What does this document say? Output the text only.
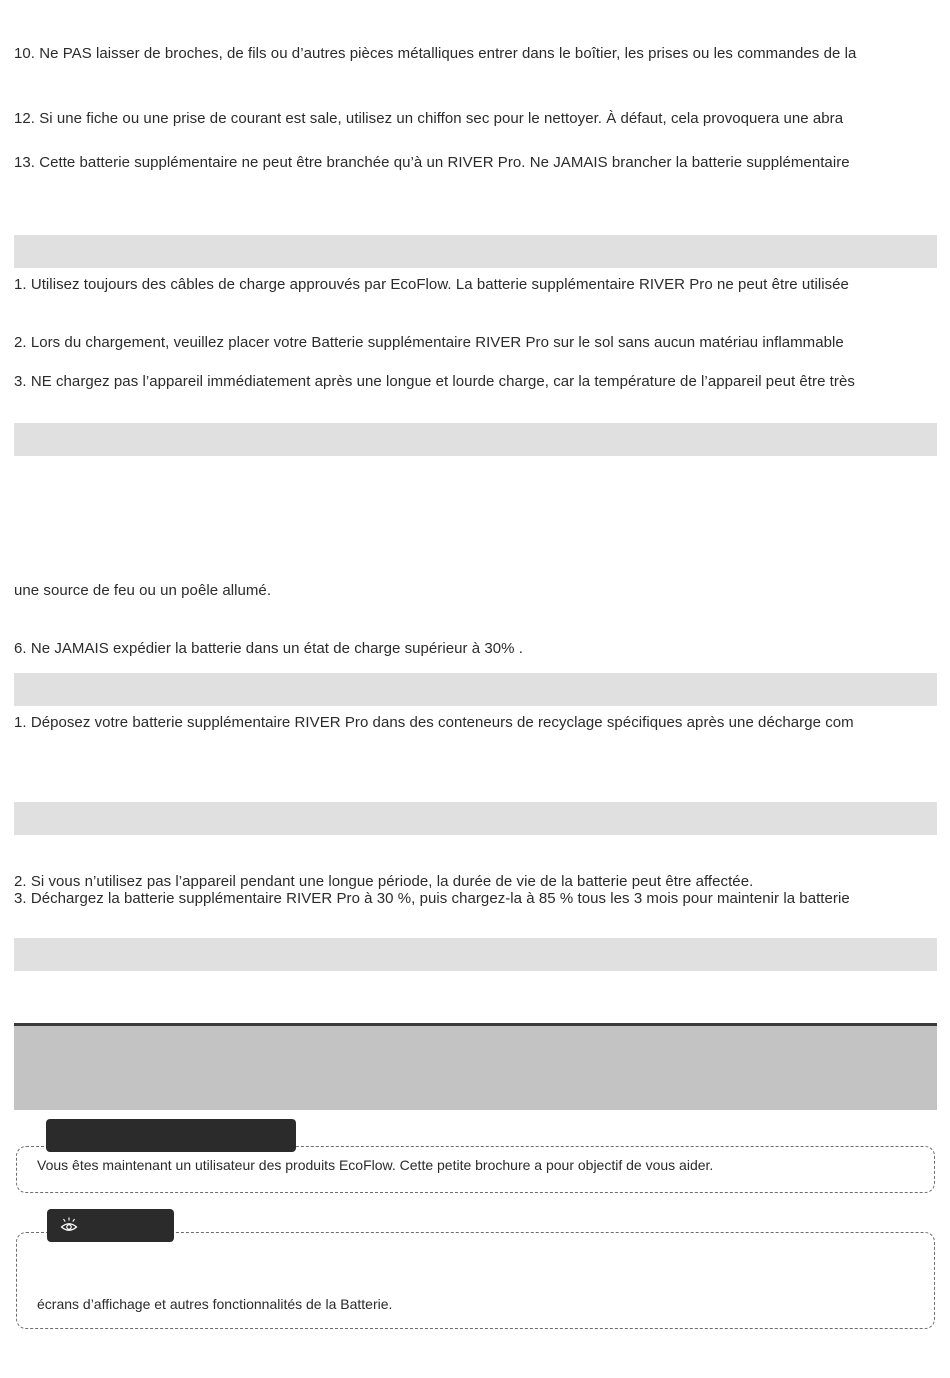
10. Ne PAS laisser de broches, de fils ou d’autres pièces métalliques entrer dans le boîtier, les prises ou les commandes de la
12. Si une fiche ou une prise de courant est sale, utilisez un chiffon sec pour le nettoyer. À défaut, cela provoquera une abra
13. Cette batterie supplémentaire ne peut être branchée qu’à un RIVER Pro. Ne JAMAIS brancher la batterie supplémentaire
1. Utilisez toujours des câbles de charge approuvés par EcoFlow. La batterie supplémentaire RIVER Pro ne peut être utilisée
2. Lors du chargement, veuillez placer votre Batterie supplémentaire RIVER Pro sur le sol sans aucun matériau inflammable
3. NE chargez pas l’appareil immédiatement après une longue et lourde charge, car la température de l’appareil peut être très
une source de feu ou un poêle allumé.
6. Ne JAMAIS expédier la batterie dans un état de charge supérieur à 30% .
1. Déposez votre batterie supplémentaire RIVER Pro dans des conteneurs de recyclage spécifiques après une décharge com
2. Si vous n’utilisez pas l’appareil pendant une longue période, la durée de vie de la batterie peut être affectée.
3. Déchargez la batterie supplémentaire RIVER Pro à 30 %, puis chargez-la à 85 % tous les 3 mois pour maintenir la batterie
Vous êtes maintenant un utilisateur des produits EcoFlow. Cette petite brochure a pour objectif de vous aider.
écrans d’affichage et autres fonctionnalités de la Batterie.
